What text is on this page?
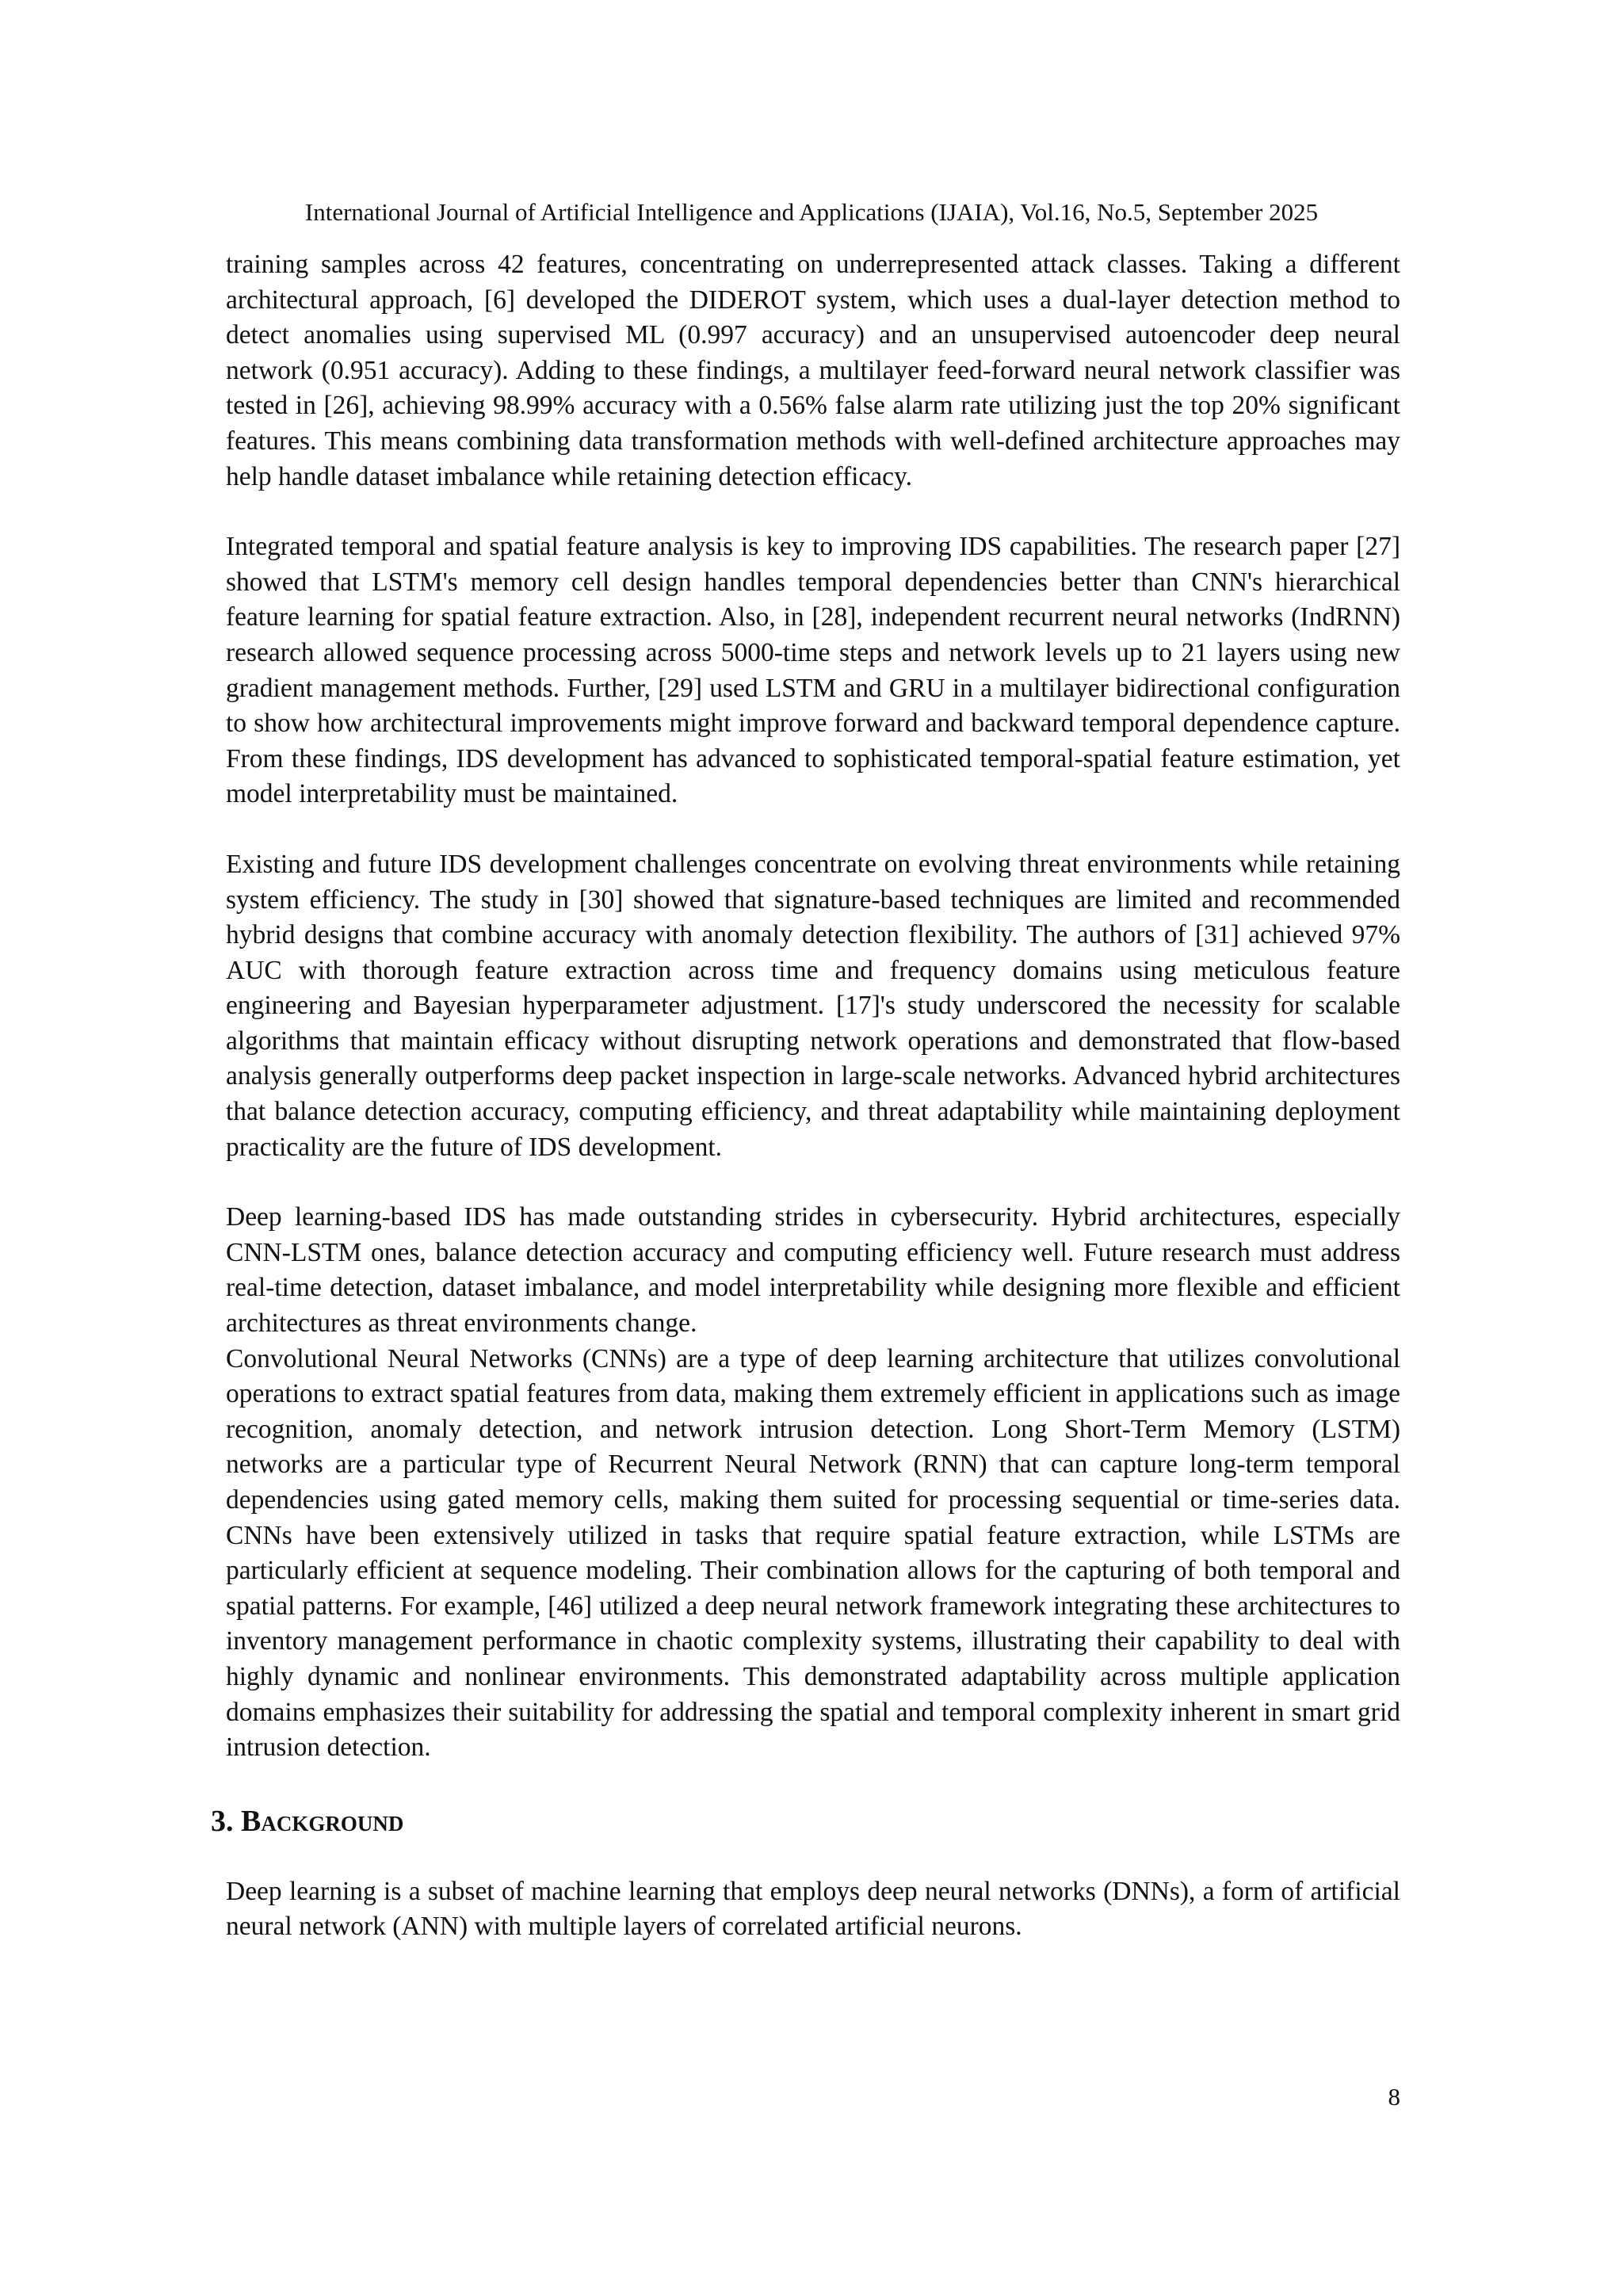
International Journal of Artificial Intelligence and Applications (IJAIA), Vol.16, No.5, September 2025

training samples across 42 features, concentrating on underrepresented attack classes. Taking a different architectural approach, [6] developed the DIDEROT system, which uses a dual-layer detection method to detect anomalies using supervised ML (0.997 accuracy) and an unsupervised autoencoder deep neural network (0.951 accuracy). Adding to these findings, a multilayer feed-forward neural network classifier was tested in [26], achieving 98.99% accuracy with a 0.56% false alarm rate utilizing just the top 20% significant features. This means combining data transformation methods with well-defined architecture approaches may help handle dataset imbalance while retaining detection efficacy.

Integrated temporal and spatial feature analysis is key to improving IDS capabilities. The research paper [27] showed that LSTM's memory cell design handles temporal dependencies better than CNN's hierarchical feature learning for spatial feature extraction. Also, in [28], independent recurrent neural networks (IndRNN) research allowed sequence processing across 5000-time steps and network levels up to 21 layers using new gradient management methods. Further, [29] used LSTM and GRU in a multilayer bidirectional configuration to show how architectural improvements might improve forward and backward temporal dependence capture. From these findings, IDS development has advanced to sophisticated temporal-spatial feature estimation, yet model interpretability must be maintained.

Existing and future IDS development challenges concentrate on evolving threat environments while retaining system efficiency. The study in [30] showed that signature-based techniques are limited and recommended hybrid designs that combine accuracy with anomaly detection flexibility. The authors of [31] achieved 97% AUC with thorough feature extraction across time and frequency domains using meticulous feature engineering and Bayesian hyperparameter adjustment. [17]'s study underscored the necessity for scalable algorithms that maintain efficacy without disrupting network operations and demonstrated that flow-based analysis generally outperforms deep packet inspection in large-scale networks. Advanced hybrid architectures that balance detection accuracy, computing efficiency, and threat adaptability while maintaining deployment practicality are the future of IDS development.

Deep learning-based IDS has made outstanding strides in cybersecurity. Hybrid architectures, especially CNN-LSTM ones, balance detection accuracy and computing efficiency well. Future research must address real-time detection, dataset imbalance, and model interpretability while designing more flexible and efficient architectures as threat environments change.

Convolutional Neural Networks (CNNs) are a type of deep learning architecture that utilizes convolutional operations to extract spatial features from data, making them extremely efficient in applications such as image recognition, anomaly detection, and network intrusion detection. Long Short-Term Memory (LSTM) networks are a particular type of Recurrent Neural Network (RNN) that can capture long-term temporal dependencies using gated memory cells, making them suited for processing sequential or time-series data. CNNs have been extensively utilized in tasks that require spatial feature extraction, while LSTMs are particularly efficient at sequence modeling. Their combination allows for the capturing of both temporal and spatial patterns. For example, [46] utilized a deep neural network framework integrating these architectures to inventory management performance in chaotic complexity systems, illustrating their capability to deal with highly dynamic and nonlinear environments. This demonstrated adaptability across multiple application domains emphasizes their suitability for addressing the spatial and temporal complexity inherent in smart grid intrusion detection.

3. Background

Deep learning is a subset of machine learning that employs deep neural networks (DNNs), a form of artificial neural network (ANN) with multiple layers of correlated artificial neurons.

8
